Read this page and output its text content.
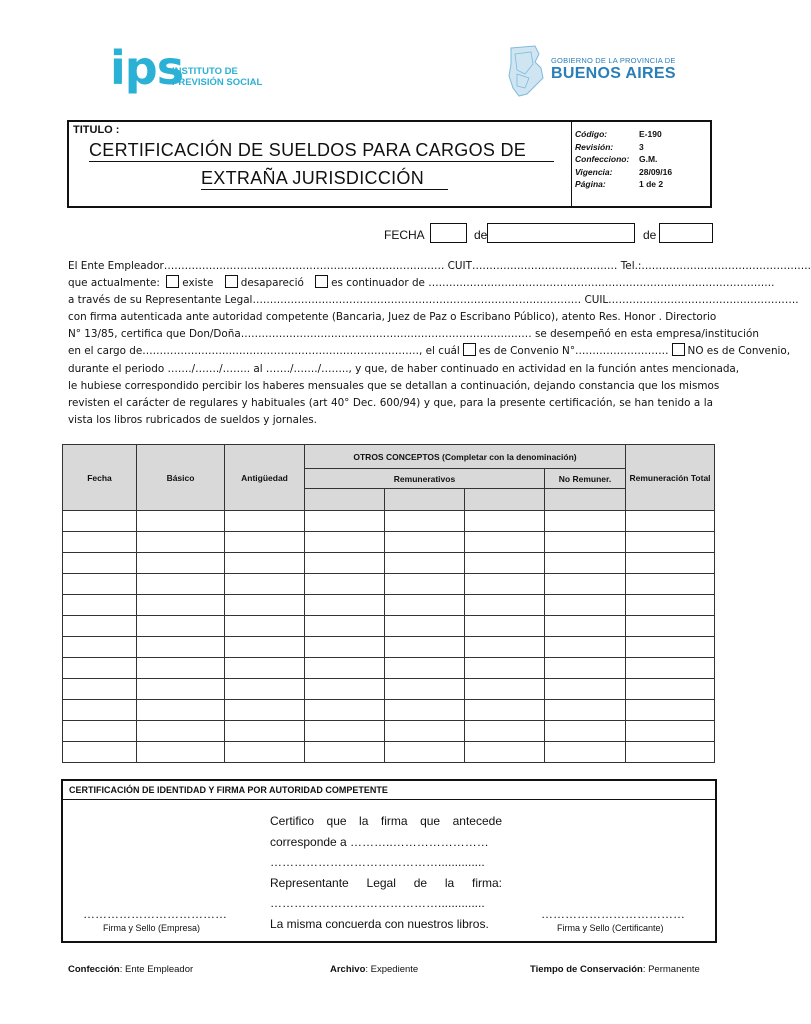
ips
INSTITUTO DE
PREVISIÓN SOCIAL
GOBIERNO DE LA PROVINCIA DE
BUENOS AIRES
TITULO :
CERTIFICACIÓN DE SUELDOS PARA CARGOS DE
EXTRAÑA JURISDICCIÓN
Código:	E-190
Revisión:	3
Confecciono:	G.M.
Vigencia:	28/09/16
Página:	1 de 2
FECHA	de	de
El Ente Empleador……………………………………………………………………… CUIT…………………………………… Tel.:………………………………………….
que actualmente: existe	desapareció	es continuador de ……………………………………………………………………………………….
a través de su Representante Legal…………………..……………………………………………………………… CUIL……………………………………………….
con firma autenticada ante autoridad competente (Bancaria, Juez de Paz o Escribano Público), atento Res. Honor . Directorio
N° 13/85, certifica que Don/Doña………………………………………………………………………… se desempeñó en esta empresa/institución
en el cargo de……………………..………………………………………………, el cuál es de Convenio N°……………………… NO es de Convenio,
durante el periodo ……./……./…….. al ……./……./…….., y que, de haber continuado en actividad en la función antes mencionada,
le hubiese correspondido percibir los haberes mensuales que se detallan a continuación, dejando constancia que los mismos
revisten el carácter de regulares y habituales (art 40° Dec. 600/94) y que, para la presente certificación, se han tenido a la
vista los libros rubricados de sueldos y jornales.
Fecha	Básico	Antigüedad	OTROS CONCEPTOS (Completar con la denominación)				Remuneración Total
			Remunerativos			No Remuner.	

CERTIFICACIÓN DE IDENTIDAD Y FIRMA POR AUTORIDAD COMPETENTE
Certifico que la firma que antecede
corresponde a ………..……………………
……………………………………..............
Representante Legal de la firma:
……………………………………..............
La misma concuerda con nuestros libros.
………………………………
Firma y Sello (Empresa)
………………………………
Firma y Sello (Certificante)
Confección: Ente Empleador	Archivo: Expediente	Tiempo de Conservación: Permanente
